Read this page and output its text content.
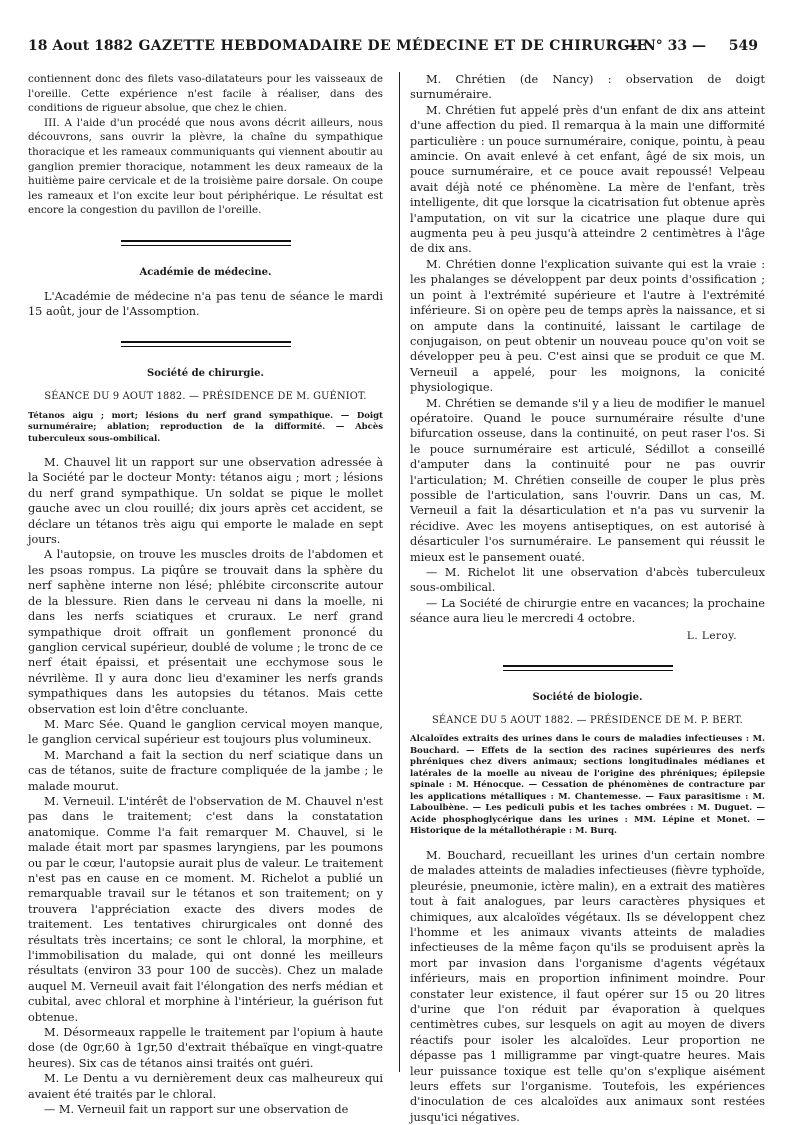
18 Aout 1882 GAZETTE HEBDOMADAIRE DE MÉDECINE ET DE CHIRURGIE
— N° 33 — 549

contiennent donc des filets vaso-dilatateurs pour les vaisseaux de l'oreille. Cette expérience n'est facile à réaliser, dans des conditions de rigueur absolue, que chez le chien.

III. A l'aide d'un procédé que nous avons décrit ailleurs, nous découvrons, sans ouvrir la plèvre, la chaîne du sympathique thoracique et les rameaux communiquants qui viennent aboutir au ganglion premier thoracique, notamment les deux rameaux de la huitième paire cervicale et de la troisième paire dorsale. On coupe les rameaux et l'on excite leur bout périphérique. Le résultat est encore la congestion du pavillon de l'oreille.

Académie de médecine.

L'Académie de médecine n'a pas tenu de séance le mardi 15 août, jour de l'Assomption.

Société de chirurgie.

SÉANCE DU 9 AOUT 1882. — PRÉSIDENCE DE M. GUÉNIOT.

Tétanos aigu ; mort; lésions du nerf grand sympathique. — Doigt surnuméraire; ablation; reproduction de la difformité. — Abcès tuberculeux sous-ombilical.

M. Chauvel lit un rapport sur une observation adressée à la Société par le docteur Monty: tétanos aigu ; mort ; lésions du nerf grand sympathique. Un soldat se pique le mollet gauche avec un clou rouillé; dix jours après cet accident, se déclare un tétanos très aigu qui emporte le malade en sept jours.

A l'autopsie, on trouve les muscles droits de l'abdomen et les psoas rompus. La piqûre se trouvait dans la sphère du nerf saphène interne non lésé; phlébite circonscrite autour de la blessure. Rien dans le cerveau ni dans la moelle, ni dans les nerfs sciatiques et cruraux. Le nerf grand sympathique droit offrait un gonflement prononcé du ganglion cervical supérieur, doublé de volume ; le tronc de ce nerf était épaissi, et présentait une ecchymose sous le névrilème. Il y aura donc lieu d'examiner les nerfs grands sympathiques dans les autopsies du tétanos. Mais cette observation est loin d'être concluante.

M. Marc Sée. Quand le ganglion cervical moyen manque, le ganglion cervical supérieur est toujours plus volumineux.

M. Marchand a fait la section du nerf sciatique dans un cas de tétanos, suite de fracture compliquée de la jambe ; le malade mourut.

M. Verneuil. L'intérêt de l'observation de M. Chauvel n'est pas dans le traitement; c'est dans la constatation anatomique. Comme l'a fait remarquer M. Chauvel, si le malade était mort par spasmes laryngiens, par les poumons ou par le cœur, l'autopsie aurait plus de valeur. Le traitement n'est pas en cause en ce moment. M. Richelot a publié un remarquable travail sur le tétanos et son traitement; on y trouvera l'appréciation exacte des divers modes de traitement. Les tentatives chirurgicales ont donné des résultats très incertains; ce sont le chloral, la morphine, et l'immobilisation du malade, qui ont donné les meilleurs résultats (environ 33 pour 100 de succès). Chez un malade auquel M. Verneuil avait fait l'élongation des nerfs médian et cubital, avec chloral et morphine à l'intérieur, la guérison fut obtenue.

M. Désormeaux rappelle le traitement par l'opium à haute dose (de 0gr,60 à 1gr,50 d'extrait thébaïque en vingt-quatre heures). Six cas de tétanos ainsi traités ont guéri.

M. Le Dentu a vu dernièrement deux cas malheureux qui avaient été traités par le chloral.

— M. Verneuil fait un rapport sur une observation de

M. Chrétien (de Nancy) : observation de doigt surnuméraire.

M. Chrétien fut appelé près d'un enfant de dix ans atteint d'une affection du pied. Il remarqua à la main une difformité particulière : un pouce surnuméraire, conique, pointu, à peau amincie. On avait enlevé à cet enfant, âgé de six mois, un pouce surnuméraire, et ce pouce avait repoussé! Velpeau avait déjà noté ce phénomène. La mère de l'enfant, très intelligente, dit que lorsque la cicatrisation fut obtenue après l'amputation, on vit sur la cicatrice une plaque dure qui augmenta peu à peu jusqu'à atteindre 2 centimètres à l'âge de dix ans.

M. Chrétien donne l'explication suivante qui est la vraie : les phalanges se développent par deux points d'ossification ; un point à l'extrémité supérieure et l'autre à l'extrémité inférieure. Si on opère peu de temps après la naissance, et si on ampute dans la continuité, laissant le cartilage de conjugaison, on peut obtenir un nouveau pouce qu'on voit se développer peu à peu. C'est ainsi que se produit ce que M. Verneuil a appelé, pour les moignons, la conicité physiologique.

M. Chrétien se demande s'il y a lieu de modifier le manuel opératoire. Quand le pouce surnuméraire résulte d'une bifurcation osseuse, dans la continuité, on peut raser l'os. Si le pouce surnuméraire est articulé, Sédillot a conseillé d'amputer dans la continuité pour ne pas ouvrir l'articulation; M. Chrétien conseille de couper le plus près possible de l'articulation, sans l'ouvrir. Dans un cas, M. Verneuil a fait la désarticulation et n'a pas vu survenir la récidive. Avec les moyens antiseptiques, on est autorisé à désarticuler l'os surnuméraire. Le pansement qui réussit le mieux est le pansement ouaté.

— M. Richelot lit une observation d'abcès tuberculeux sous-ombilical.

— La Société de chirurgie entre en vacances; la prochaine séance aura lieu le mercredi 4 octobre.

L. Leroy.
Société de biologie.

SÉANCE DU 5 AOUT 1882. — PRÉSIDENCE DE M. P. BERT.

Alcaloïdes extraits des urines dans le cours de maladies infectieuses : M. Bouchard. — Effets de la section des racines supérieures des nerfs phréniques chez divers animaux; sections longitudinales médianes et latérales de la moelle au niveau de l'origine des phréniques; épilepsie spinale : M. Hénocque. — Cessation de phénomènes de contracture par les applications métalliques : M. Chantemesse. — Faux parasitisme : M. Laboulbène. — Les pediculi pubis et les taches ombrées : M. Duguet. — Acide phosphoglycérique dans les urines : MM. Lépine et Monet. — Historique de la métallothérapie : M. Burq.

M. Bouchard, recueillant les urines d'un certain nombre de malades atteints de maladies infectieuses (fièvre typhoïde, pleurésie, pneumonie, ictère malin), en a extrait des matières tout à fait analogues, par leurs caractères physiques et chimiques, aux alcaloïdes végétaux. Ils se développent chez l'homme et les animaux vivants atteints de maladies infectieuses de la même façon qu'ils se produisent après la mort par invasion dans l'organisme d'agents végétaux inférieurs, mais en proportion infiniment moindre. Pour constater leur existence, il faut opérer sur 15 ou 20 litres d'urine que l'on réduit par évaporation à quelques centimètres cubes, sur lesquels on agit au moyen de divers réactifs pour isoler les alcaloïdes. Leur proportion ne dépasse pas 1 milligramme par vingt-quatre heures. Mais leur puissance toxique est telle qu'on s'explique aisément leurs effets sur l'organisme. Toutefois, les expériences d'inoculation de ces alcaloïdes aux animaux sont restées jusqu'ici négatives.
